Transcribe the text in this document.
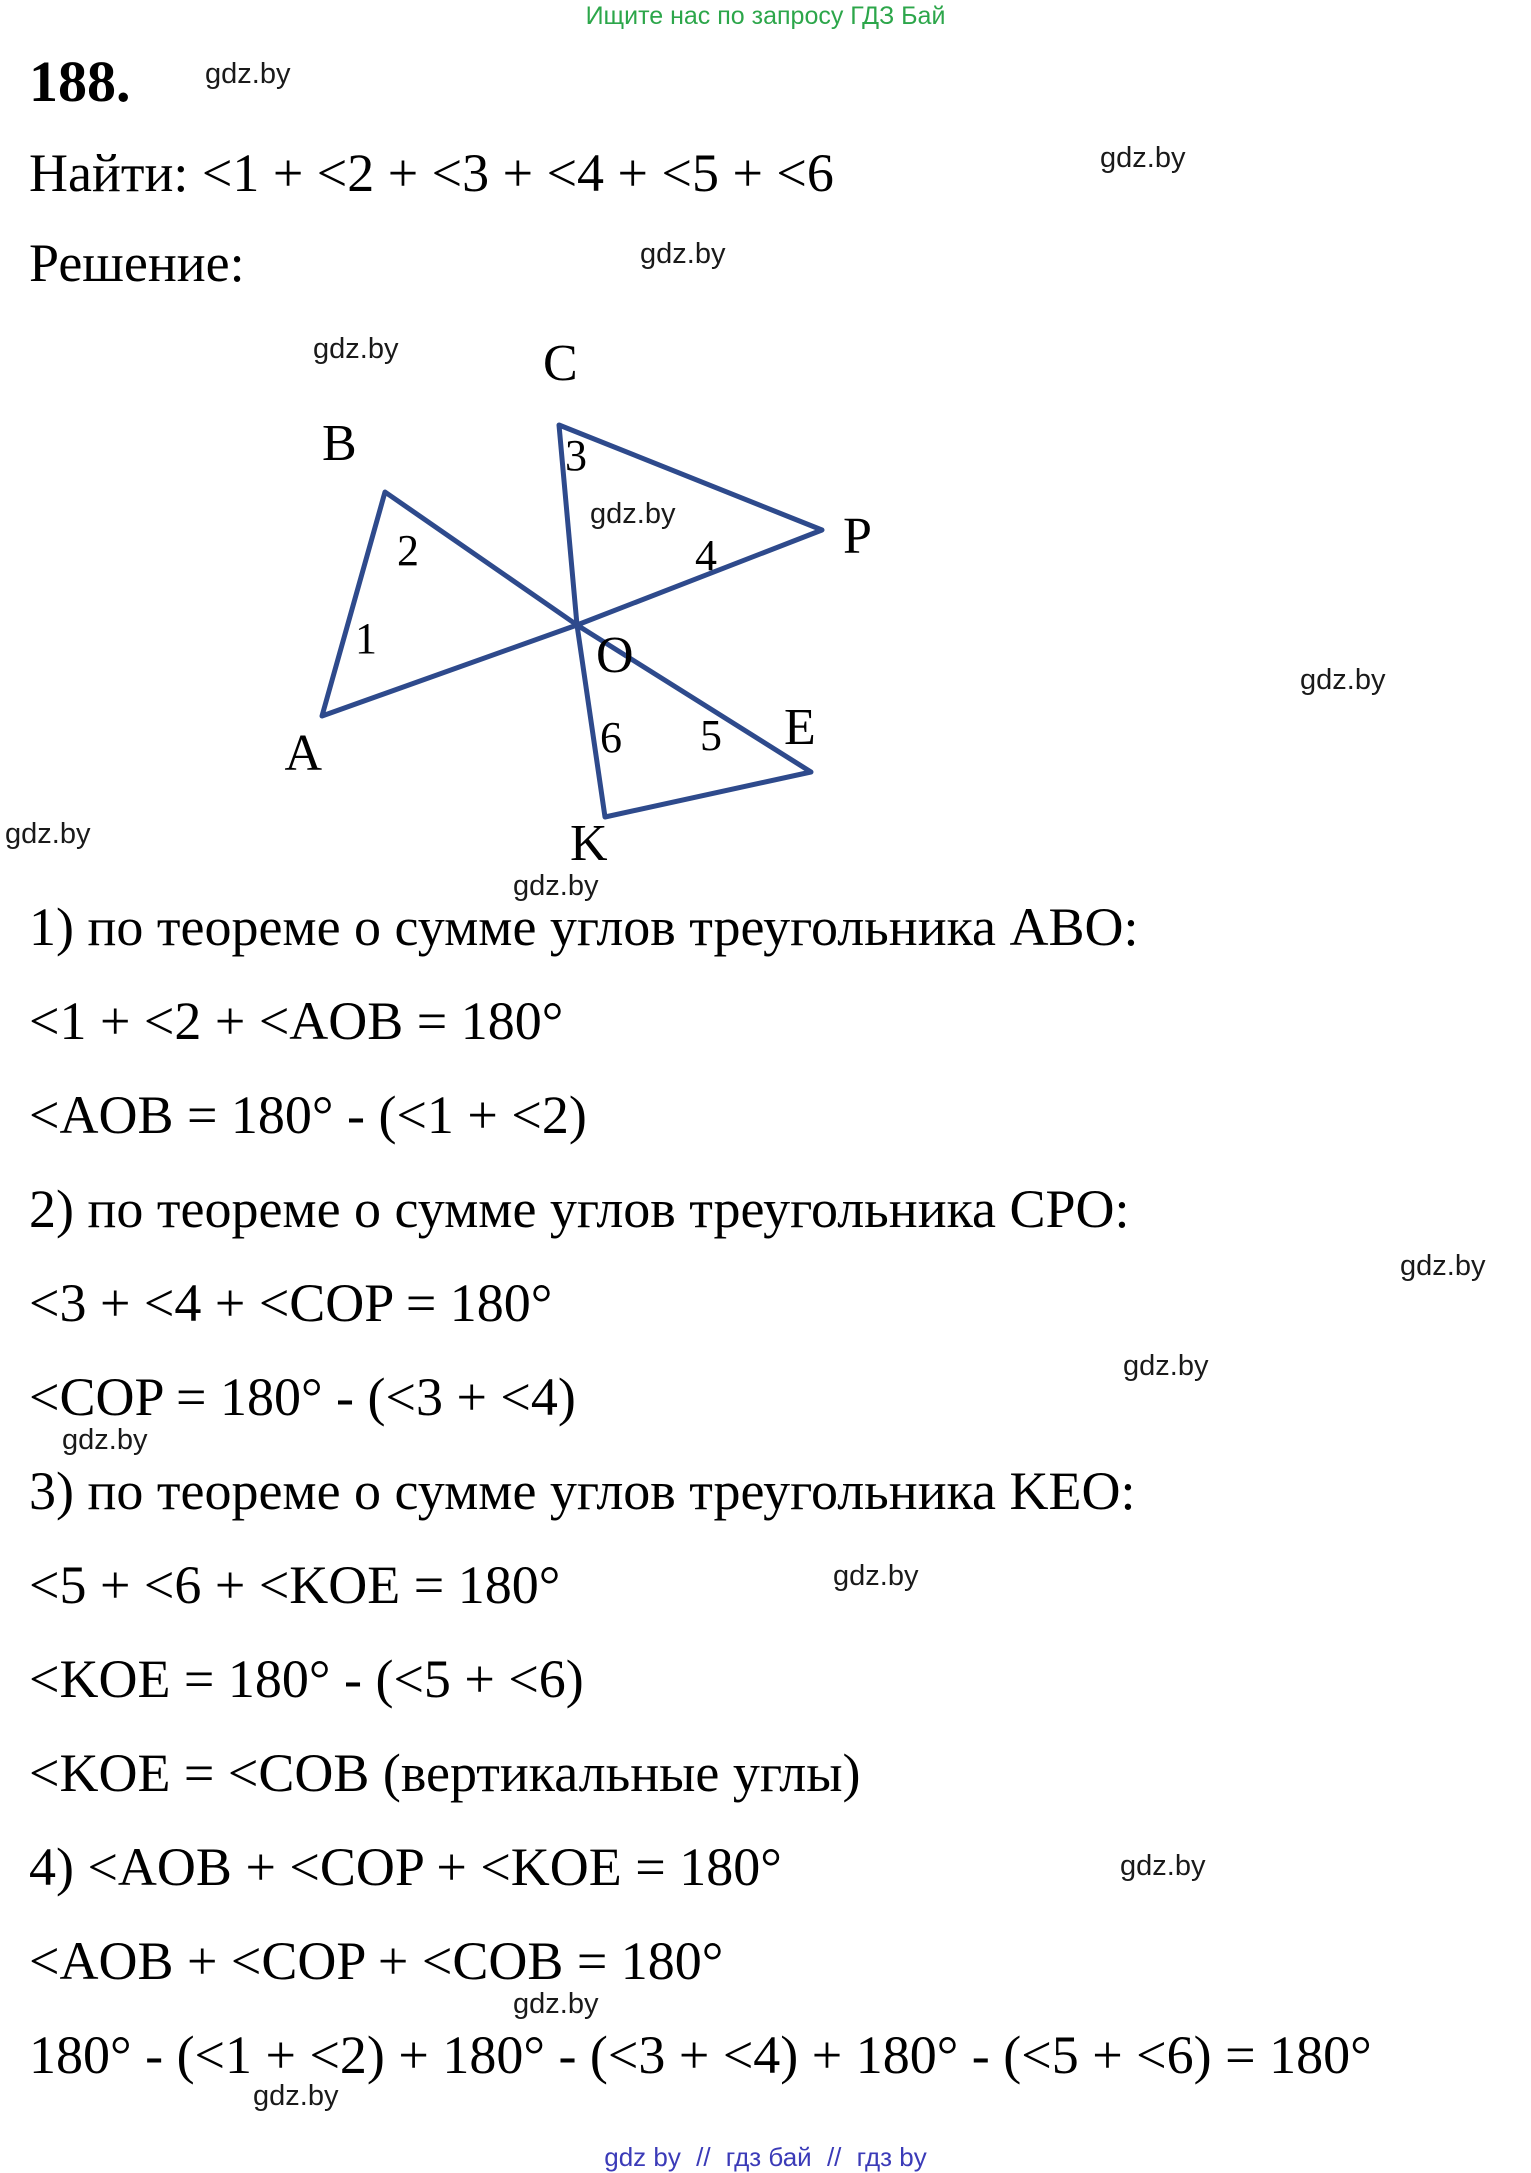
Ищите нас по запросу ГДЗ Бай
188.
Найти: <1 + <2 + <3 + <4 + <5 + <6
Решение:
A
B
C
P
O
E
K
1
2
3
4
5
6
1) по теореме о сумме углов треугольника ABO:
<1 + <2 + <AOB = 180°
<AOB = 180° - (<1 + <2)
2) по теореме о сумме углов треугольника CPO:
<3 + <4 + <COP = 180°
<COP = 180° - (<3 + <4)
3) по теореме о сумме углов треугольника KEO:
<5 + <6 + <KOE = 180°
<KOE = 180° - (<5 + <6)
<KOE = <COB (вертикальные углы)
4) <AOB + <COP + <KOE = 180°
<AOB + <COP + <COB = 180°
180° - (<1 + <2) + 180° - (<3 + <4) + 180° - (<5 + <6) = 180°
gdz.by
gdz.by
gdz.by
gdz.by
gdz.by
gdz.by
gdz.by
gdz.by
gdz.by
gdz.by
gdz.by
gdz.by
gdz.by
gdz.by
gdz.by
gdz by // гдз бай // гдз by
